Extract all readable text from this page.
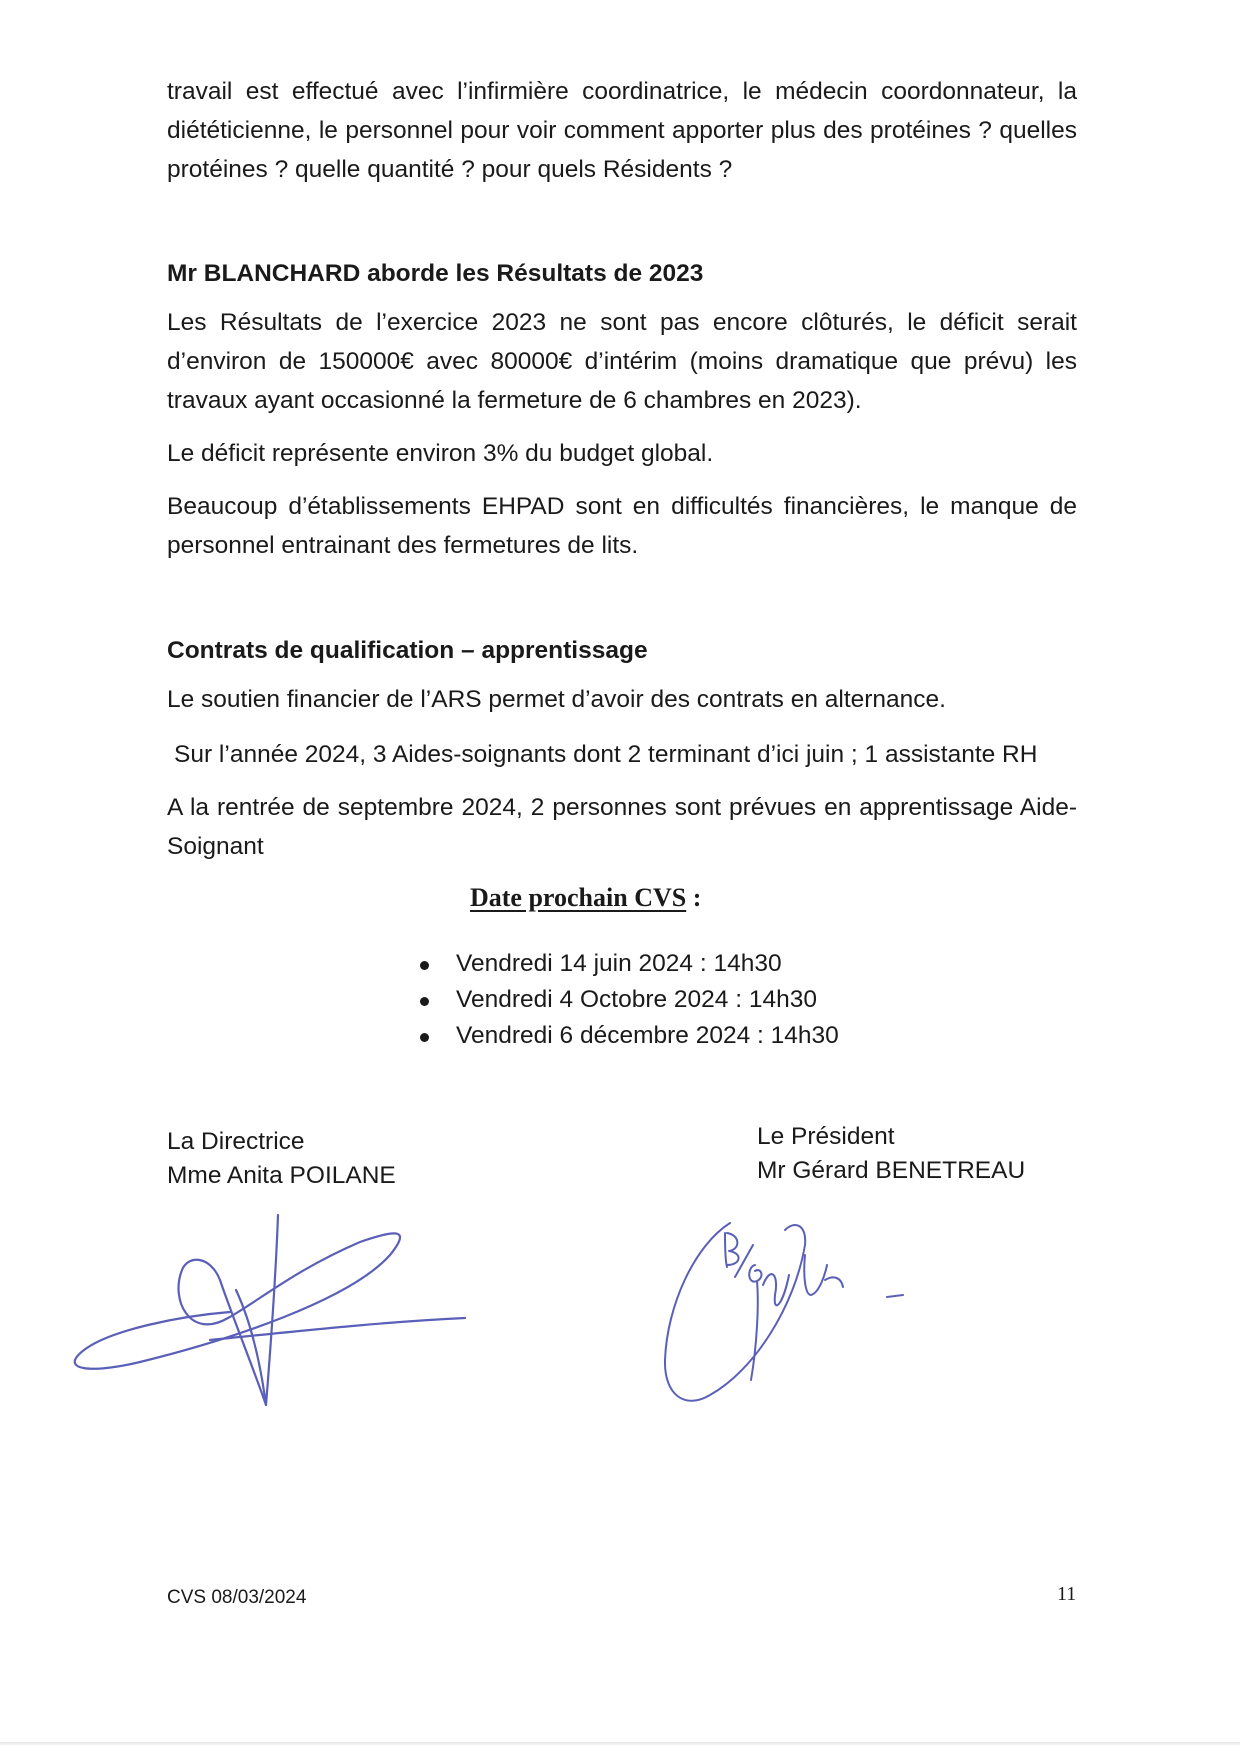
travail est effectué avec l’infirmière coordinatrice, le médecin coordonnateur, la diététicienne, le personnel pour voir comment apporter plus des protéines ? quelles protéines ? quelle quantité ? pour quels Résidents ?

Mr BLANCHARD aborde les Résultats de 2023

Les Résultats de l’exercice 2023 ne sont pas encore clôturés, le déficit serait d’environ de 150000€ avec 80000€ d’intérim (moins dramatique que prévu) les travaux ayant occasionné la fermeture de 6 chambres en 2023).

Le déficit représente environ 3% du budget global.

Beaucoup d’établissements EHPAD sont en difficultés financières, le manque de personnel entrainant des fermetures de lits.

Contrats de qualification – apprentissage

Le soutien financier de l’ARS permet d’avoir des contrats en alternance.

Sur l’année 2024, 3 Aides-soignants dont 2 terminant d’ici juin ; 1 assistante RH

A la rentrée de septembre 2024, 2 personnes sont prévues en apprentissage Aide-Soignant

Date prochain CVS :

Vendredi 14 juin 2024 : 14h30
Vendredi 4 Octobre 2024 : 14h30
Vendredi 6 décembre 2024 : 14h30

La Directrice
Mme Anita POILANE

Le Président
Mr Gérard BENETREAU

CVS 08/03/2024	11
